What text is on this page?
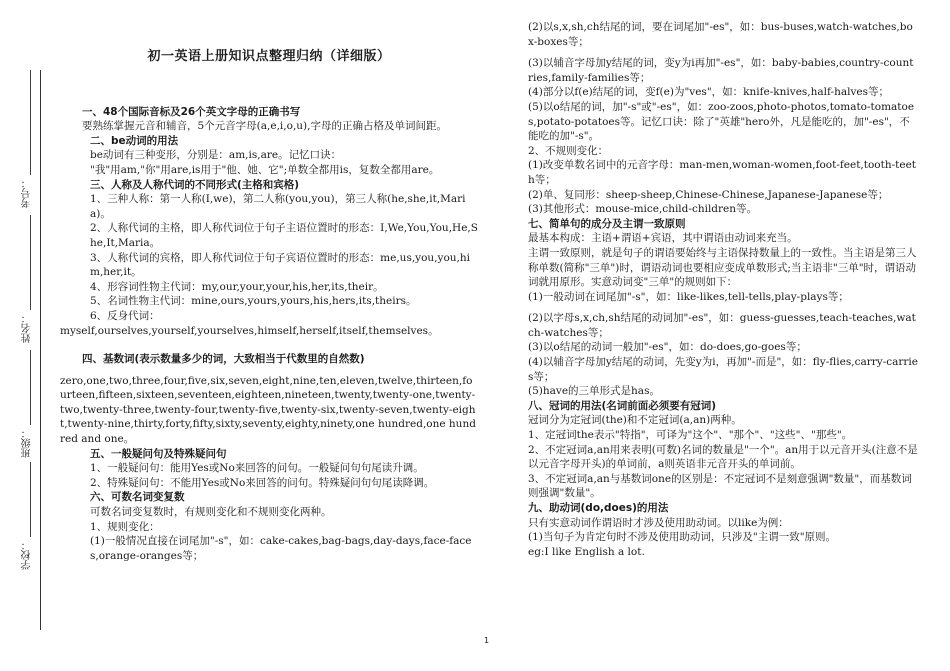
考号：
姓名：
班级：
学校：
初一英语上册知识点整理归纳（详细版）
一、48个国际音标及26个英文字母的正确书写
要熟练掌握元音和辅音，5个元音字母(a,e,i,o,u),字母的正确占格及单词间距。
二、be动词的用法
be动词有三种变形，分别是：am,is,are。记忆口诀：
"我"用am,"你"用are,is用于"他、她、它";单数全都用is，复数全都用are。
三、人称及人称代词的不同形式(主格和宾格)
1、三种人称：第一人称(I,we)，第二人称(you,you)，第三人称(he,she,it,Maria)。
2、人称代词的主格，即人称代词位于句子主语位置时的形态：I,We,You,You,He,She,It,Maria。
3、人称代词的宾格，即人称代词位于句子宾语位置时的形态：me,us,you,you,him,her,it。
4、形容词性物主代词：my,our,your,your,his,her,its,their。
5、名词性物主代词：mine,ours,yours,yours,his,hers,its,theirs。
6、反身代词：
myself,ourselves,yourself,yourselves,himself,herself,itself,themselves。
四、基数词(表示数量多少的词，大致相当于代数里的自然数)
zero,one,two,three,four,five,six,seven,eight,nine,ten,eleven,twelve,thirteen,fourteen,fifteen,sixteen,seventeen,eighteen,nineteen,twenty,twenty-one,twenty-two,twenty-three,twenty-four,twenty-five,twenty-six,twenty-seven,twenty-eight,twenty-nine,thirty,forty,fifty,sixty,seventy,eighty,ninety,one hundred,one hundred and one。
五、一般疑问句及特殊疑问句
1、一般疑问句：能用Yes或No来回答的问句。一般疑问句句尾读升调。
2、特殊疑问句：不能用Yes或No来回答的问句。特殊疑问句句尾读降调。
六、可数名词变复数
可数名词变复数时，有规则变化和不规则变化两种。
1、规则变化：
(1)一般情况直接在词尾加"-s"，如：cake-cakes,bag-bags,day-days,face-faces,orange-oranges等；
(2)以s,x,sh,ch结尾的词，要在词尾加"-es"，如：bus-buses,watch-watches,box-boxes等；
(3)以辅音字母加y结尾的词，变y为i再加"-es"，如：baby-babies,country-countries,family-families等；
(4)部分以f(e)结尾的词，变f(e)为"ves"，如：knife-knives,half-halves等；
(5)以o结尾的词，加"-s"或"-es"，如：zoo-zoos,photo-photos,tomato-tomatoes,potato-potatoes等。记忆口诀：除了"英雄"hero外，凡是能吃的，加"-es"，不能吃的加"-s"。
2、不规则变化：
(1)改变单数名词中的元音字母：man-men,woman-women,foot-feet,tooth-teeth等；
(2)单、复同形：sheep-sheep,Chinese-Chinese,Japanese-Japanese等；
(3)其他形式：mouse-mice,child-children等。
七、简单句的成分及主谓一致原则
最基本构成：主语+谓语+宾语，其中谓语由动词来充当。
主谓一致原则，就是句子的谓语要始终与主语保持数量上的一致性。当主语是第三人称单数(简称"三单")时，谓语动词也要相应变成单数形式;当主语非"三单"时，谓语动词就用原形。实意动词变"三单"的规则如下：
(1)一般动词在词尾加"-s"，如：like-likes,tell-tells,play-plays等；
(2)以字母s,x,ch,sh结尾的动词加"-es"，如：guess-guesses,teach-teaches,watch-watches等；
(3)以o结尾的动词一般加"-es"，如：do-does,go-goes等；
(4)以辅音字母加y结尾的动词，先变y为i，再加"-而是"，如：fly-flies,carry-carries等；
(5)have的三单形式是has。
八、冠词的用法(名词前面必须要有冠词)
冠词分为定冠词(the)和不定冠词(a,an)两种。
1、定冠词the表示"特指"，可译为"这个"、"那个"、"这些"、"那些"。
2、不定冠词a,an用来表明(可数)名词的数量是"一个"。an用于以元音开头(注意不是以元音字母开头)的单词前，a则英语非元音开头的单词前。
3、不定冠词a,an与基数词one的区别是：不定冠词不是刻意强调"数量"，而基数词则强调"数量"。
九、助动词(do,does)的用法
只有实意动词作谓语时才涉及使用助动词。以like为例：
(1)当句子为肯定句时不涉及使用助动词，只涉及"主谓一致"原则。
eg:I like English a lot.
1
